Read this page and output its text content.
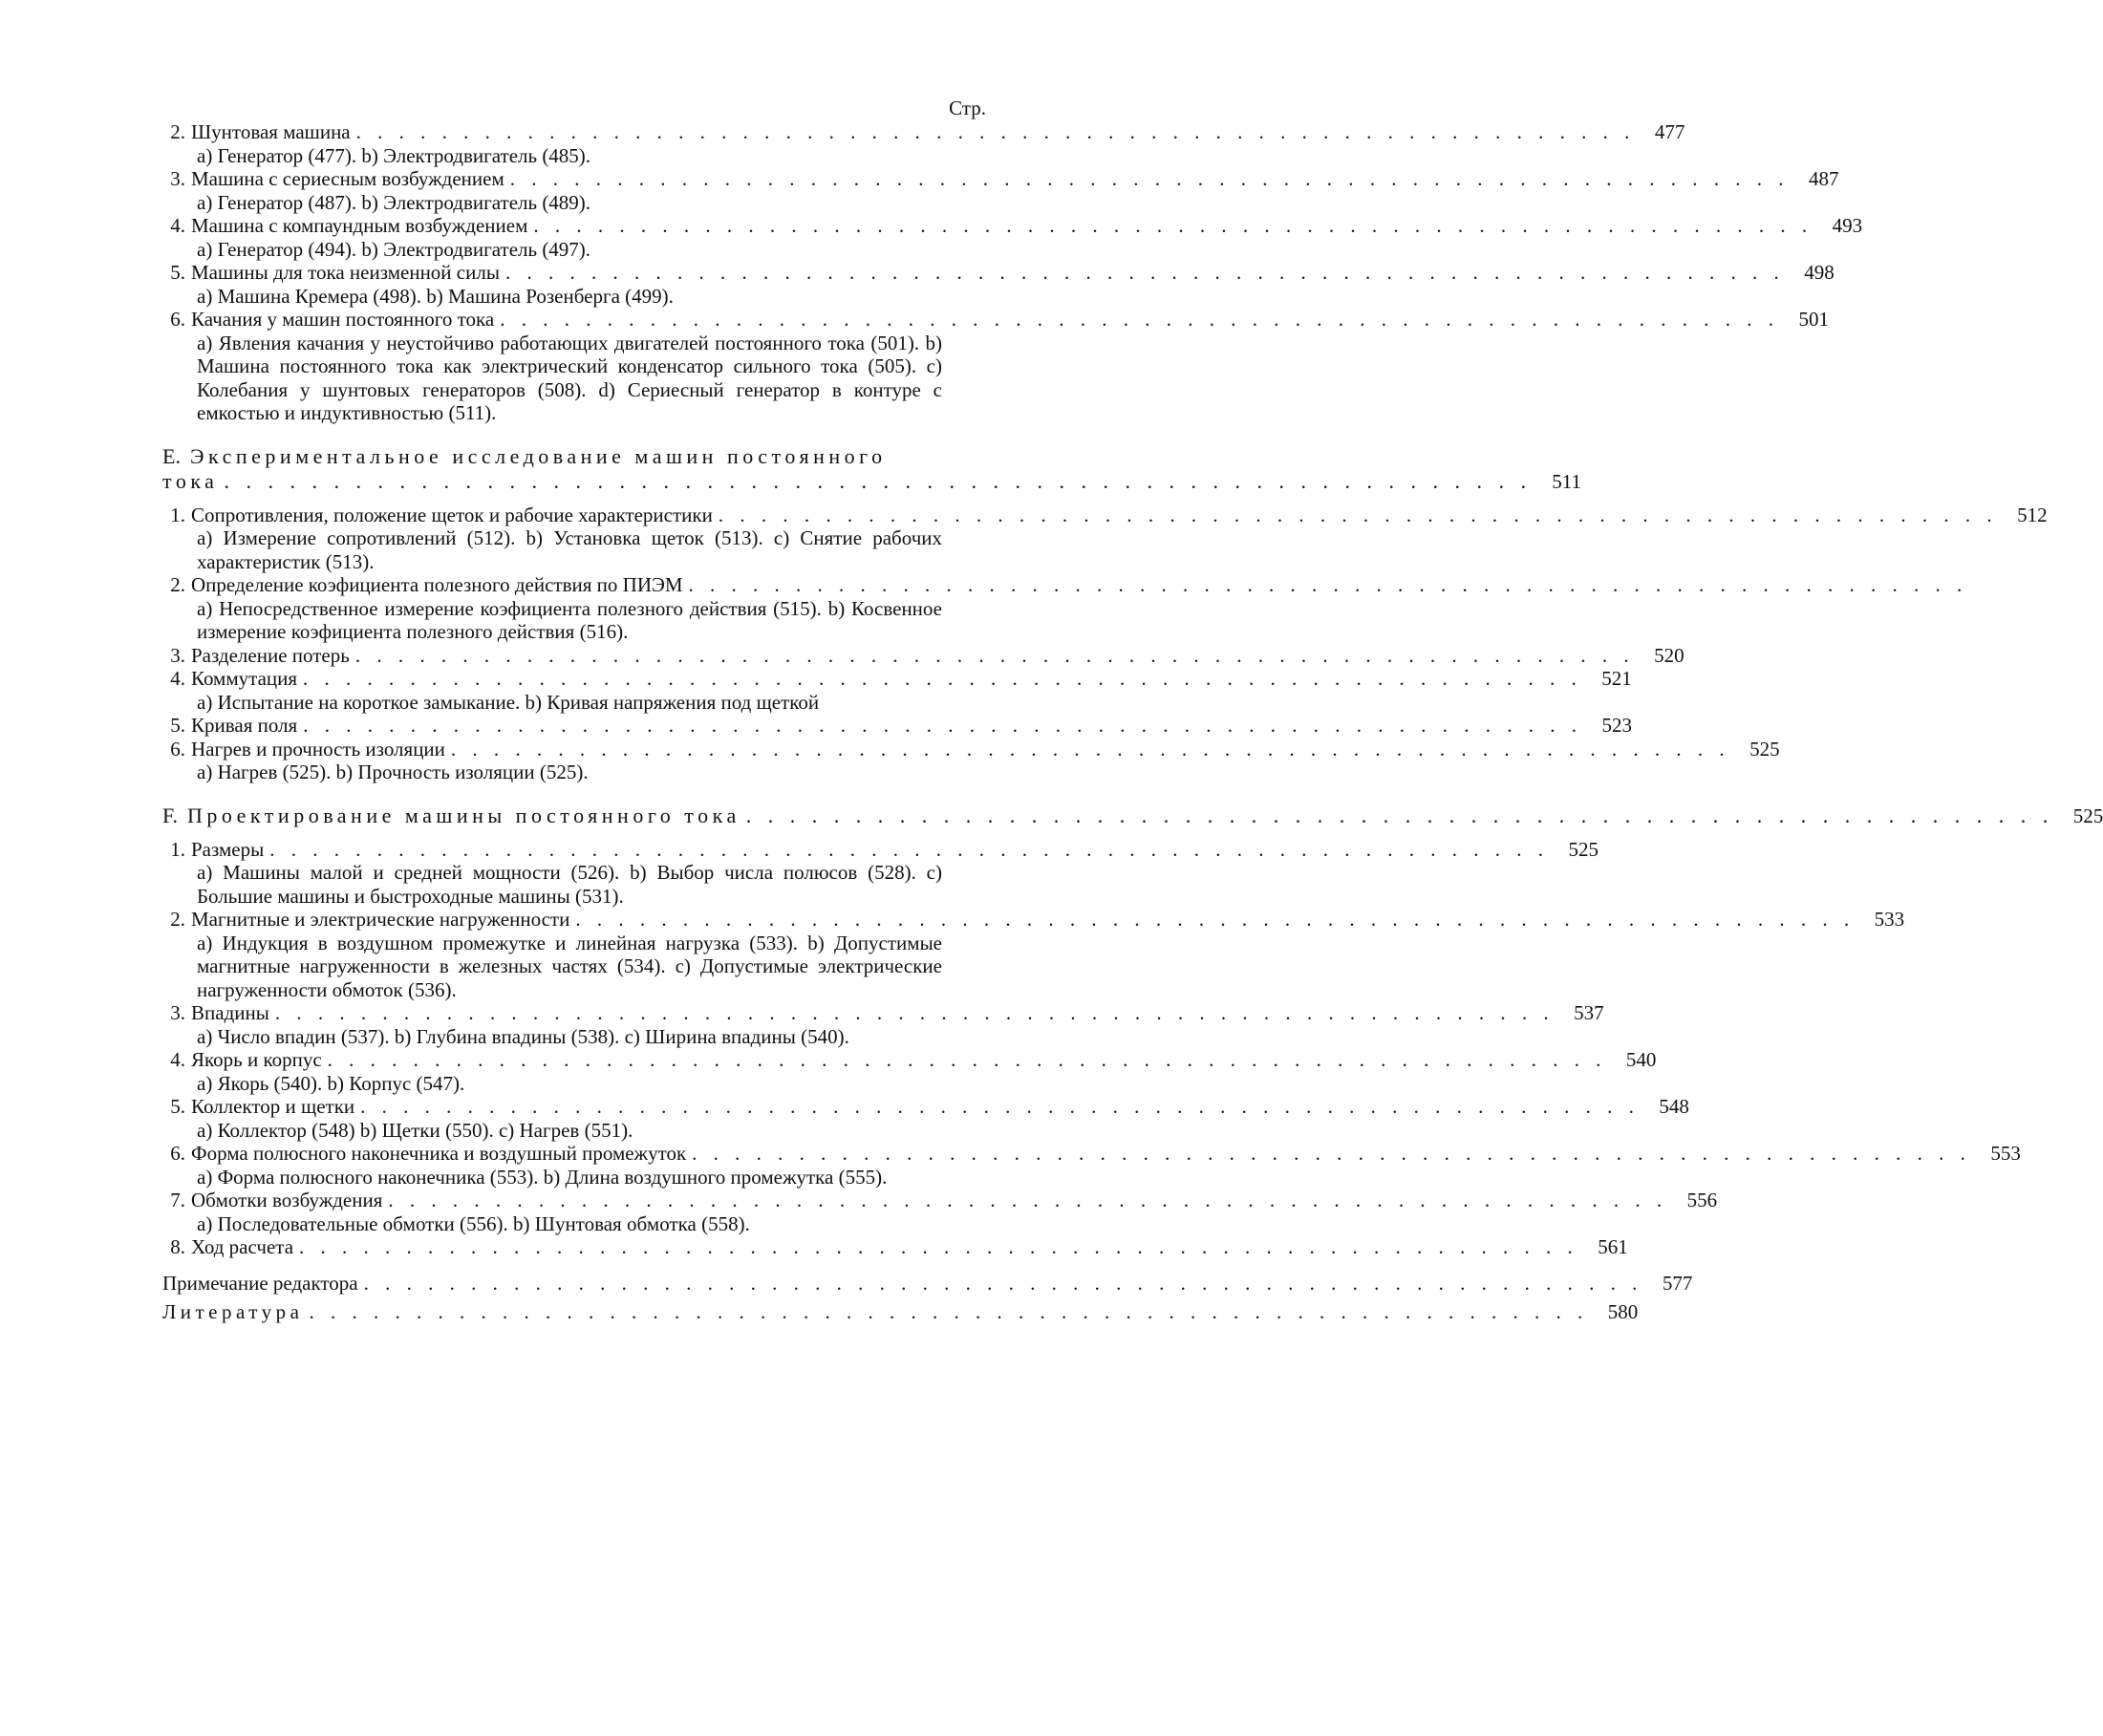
Стр.
2. Шунтовая машина . . . . . . . . . . . . . . . . . . . . . . . . . . . . . . . . . . . . . . . . . . . . . . . . . . . . . . . . . . . . 477
a) Генератор (477). b) Электродвигатель (485).
3. Машина с сериесным возбуждением . . . . . . . . . . . . . . . . . . . . . . . . . . . . . . . . . . . . . . . . . . . . . . . . . . . . . . . . . . . . 487
a) Генератор (487). b) Электродвигатель (489).
4. Машина с компаундным возбуждением . . . . . . . . . . . . . . . . . . . . . . . . . . . . . . . . . . . . . . . . . . . . . . . . . . . . . . . . . . . . 493
a) Генератор (494). b) Электродвигатель (497).
5. Машины для тока неизменной силы . . . . . . . . . . . . . . . . . . . . . . . . . . . . . . . . . . . . . . . . . . . . . . . . . . . . . . . . . . . . 498
a) Машина Кремера (498). b) Машина Розенберга (499).
6. Качания у машин постоянного тока . . . . . . . . . . . . . . . . . . . . . . . . . . . . . . . . . . . . . . . . . . . . . . . . . . . . . . . . . . . . 501
a) Явления качания у неустойчиво работающих двигателей постоянного тока (501). b) Машина постоянного тока как электрический конденсатор сильного тока (505). c) Колебания у шунтовых генераторов (508). d) Сериесный генератор в контуре с емкостью и индуктивностью (511).
E. Экспериментальное исследование машин постоянного
тока . . . . . . . . . . . . . . . . . . . . . . . . . . . . . . . . . . . . . . . . . . . . . . . . . . . . . . . . . . . .	511
1. Сопротивления, положение щеток и рабочие характеристики . . . . . . . . . . . . . . . . . . . . . . . . . . . . . . . . . . . . . . . . . . . . . . . . . . . . . . . . . . . . 512
a) Измерение сопротивлений (512). b) Установка щеток (513). c) Снятие рабочих характеристик (513).
2. Определение коэфициента полезного действия по ПИЭМ . . . . . . . . . . . . . . . . . . . . . . . . . . . . . . . . . . . . . . . . . . . . . . . . . . . . . . . . . . . .
a) Непосредственное измерение коэфициента полезного действия (515). b) Косвенное измерение коэфициента полезного действия (516).
3. Разделение потерь . . . . . . . . . . . . . . . . . . . . . . . . . . . . . . . . . . . . . . . . . . . . . . . . . . . . . . . . . . . . 520
4. Коммутация . . . . . . . . . . . . . . . . . . . . . . . . . . . . . . . . . . . . . . . . . . . . . . . . . . . . . . . . . . . . 521
a) Испытание на короткое замыкание. b) Кривая напряжения под щеткой
5. Кривая поля . . . . . . . . . . . . . . . . . . . . . . . . . . . . . . . . . . . . . . . . . . . . . . . . . . . . . . . . . . . . 523
6. Нагрев и прочность изоляции . . . . . . . . . . . . . . . . . . . . . . . . . . . . . . . . . . . . . . . . . . . . . . . . . . . . . . . . . . . . 525
a) Нагрев (525). b) Прочность изоляции (525).
F. Проектирование машины постоянного тока . . . . . . . . . . . . . . . . . . . . . . . . . . . . . . . . . . . . . . . . . . . . . . . . . . . . . . . . . . . . 525
1. Размеры . . . . . . . . . . . . . . . . . . . . . . . . . . . . . . . . . . . . . . . . . . . . . . . . . . . . . . . . . . . . 525
a) Машины малой и средней мощности (526). b) Выбор числа полюсов (528). c) Большие машины и быстроходные машины (531).
2. Магнитные и электрические нагруженности . . . . . . . . . . . . . . . . . . . . . . . . . . . . . . . . . . . . . . . . . . . . . . . . . . . . . . . . . . . . 533
a) Индукция в воздушном промежутке и линейная нагрузка (533). b) Допустимые магнитные нагруженности в железных частях (534). c) Допустимые электрические нагруженности обмоток (536).
3. Впадины . . . . . . . . . . . . . . . . . . . . . . . . . . . . . . . . . . . . . . . . . . . . . . . . . . . . . . . . . . . . 537
a) Число впадин (537). b) Глубина впадины (538). c) Ширина впадины (540).
4. Якорь и корпус . . . . . . . . . . . . . . . . . . . . . . . . . . . . . . . . . . . . . . . . . . . . . . . . . . . . . . . . . . . . 540
a) Якорь (540). b) Корпус (547).
5. Коллектор и щетки . . . . . . . . . . . . . . . . . . . . . . . . . . . . . . . . . . . . . . . . . . . . . . . . . . . . . . . . . . . . 548
a) Коллектор (548) b) Щетки (550). c) Нагрев (551).
6. Форма полюсного наконечника и воздушный промежуток . . . . . . . . . . . . . . . . . . . . . . . . . . . . . . . . . . . . . . . . . . . . . . . . . . . . . . . . . . . . 553
a) Форма полюсного наконечника (553). b) Длина воздушного промежутка (555).
7. Обмотки возбуждения . . . . . . . . . . . . . . . . . . . . . . . . . . . . . . . . . . . . . . . . . . . . . . . . . . . . . . . . . . . . 556
a) Последовательные обмотки (556). b) Шунтовая обмотка (558).
8. Ход расчета . . . . . . . . . . . . . . . . . . . . . . . . . . . . . . . . . . . . . . . . . . . . . . . . . . . . . . . . . . . . 561
Примечание редактора . . . . . . . . . . . . . . . . . . . . . . . . . . . . . . . . . . . . . . . . . . . . . . . . . . . . . . . . . . . . 577
Литература . . . . . . . . . . . . . . . . . . . . . . . . . . . . . . . . . . . . . . . . . . . . . . . . . . . . . . . . . . . . 580
